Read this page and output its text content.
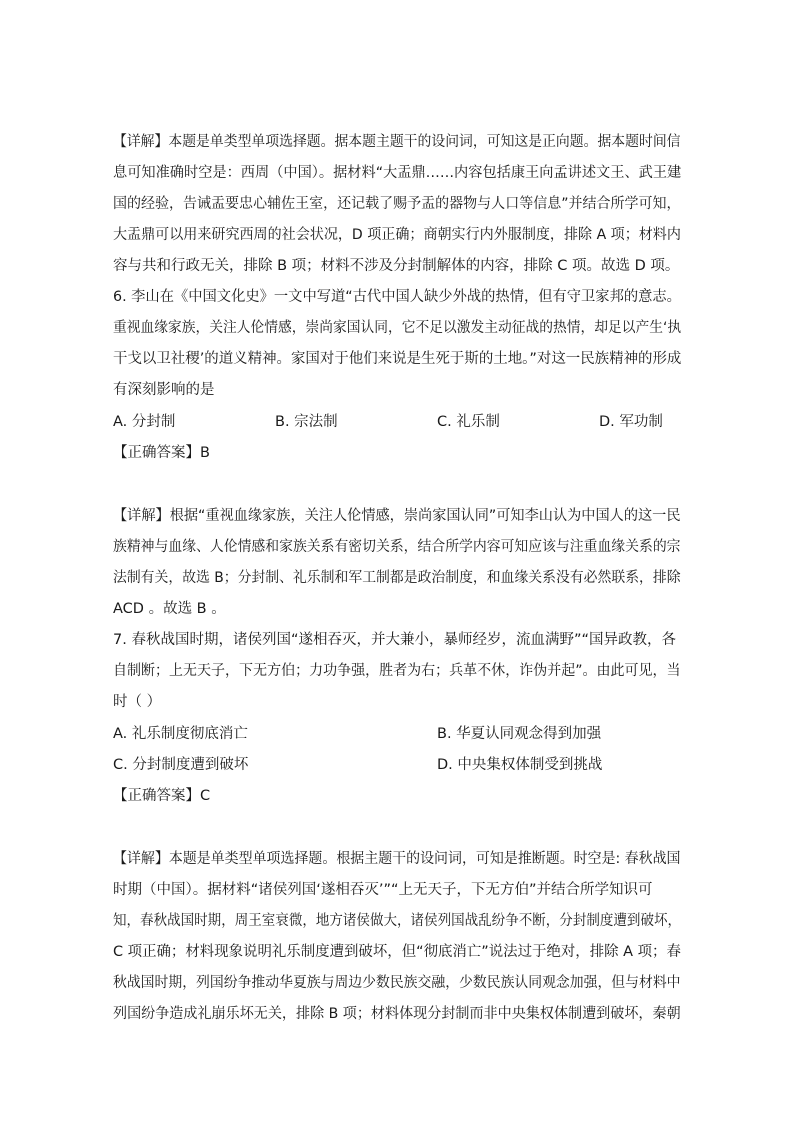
【详解】本题是单类型单项选择题。据本题主题干的设问词，可知这是正向题。据本题时间信
息可知准确时空是：西周（中国）。据材料“大盂鼎……内容包括康王向孟讲述文王、武王建
国的经验，告诫盂要忠心辅佐王室，还记载了赐予盂的器物与人口等信息”并结合所学可知，
大盂鼎可以用来研究西周的社会状况，D 项正确；商朝实行内外服制度，排除 A 项；材料内
容与共和行政无关，排除 B 项；材料不涉及分封制解体的内容，排除 C 项。故选 D 项。
6. 李山在《中国文化史》一文中写道“古代中国人缺少外战的热情，但有守卫家邦的意志。
重视血缘家族，关注人伦情感，崇尚家国认同，它不足以激发主动征战的热情，却足以产生‘执
干戈以卫社稷’的道义精神。家国对于他们来说是生死于斯的土地。”对这一民族精神的形成
有深刻影响的是
A. 分封制	B. 宗法制	C. 礼乐制	D. 军功制
【正确答案】B
【详解】根据“重视血缘家族，关注人伦情感，崇尚家国认同”可知李山认为中国人的这一民
族精神与血缘、人伦情感和家族关系有密切关系，结合所学内容可知应该与注重血缘关系的宗
法制有关，故选 B；分封制、礼乐制和军工制都是政治制度，和血缘关系没有必然联系，排除
ACD 。故选 B 。
7. 春秋战国时期，诸侯列国“遂相吞灭，并大兼小，暴师经岁，流血满野”“国异政教，各
自制断；上无天子，下无方伯；力功争强，胜者为右；兵革不休，诈伪并起”。由此可见，当
时（ ）
A. 礼乐制度彻底消亡	B. 华夏认同观念得到加强
C. 分封制度遭到破坏	D. 中央集权体制受到挑战
【正确答案】C
【详解】本题是单类型单项选择题。根据主题干的设问词，可知是推断题。时空是: 春秋战国
时期（中国）。据材料“诸侯列国‘遂相吞灭’”“上无天子，下无方伯”并结合所学知识可
知，春秋战国时期，周王室衰微，地方诸侯做大，诸侯列国战乱纷争不断，分封制度遭到破坏，
C 项正确；材料现象说明礼乐制度遭到破坏，但“彻底消亡”说法过于绝对，排除 A 项；春
秋战国时期，列国纷争推动华夏族与周边少数民族交融，少数民族认同观念加强，但与材料中
列国纷争造成礼崩乐坏无关，排除 B 项；材料体现分封制而非中央集权体制遭到破坏，秦朝
